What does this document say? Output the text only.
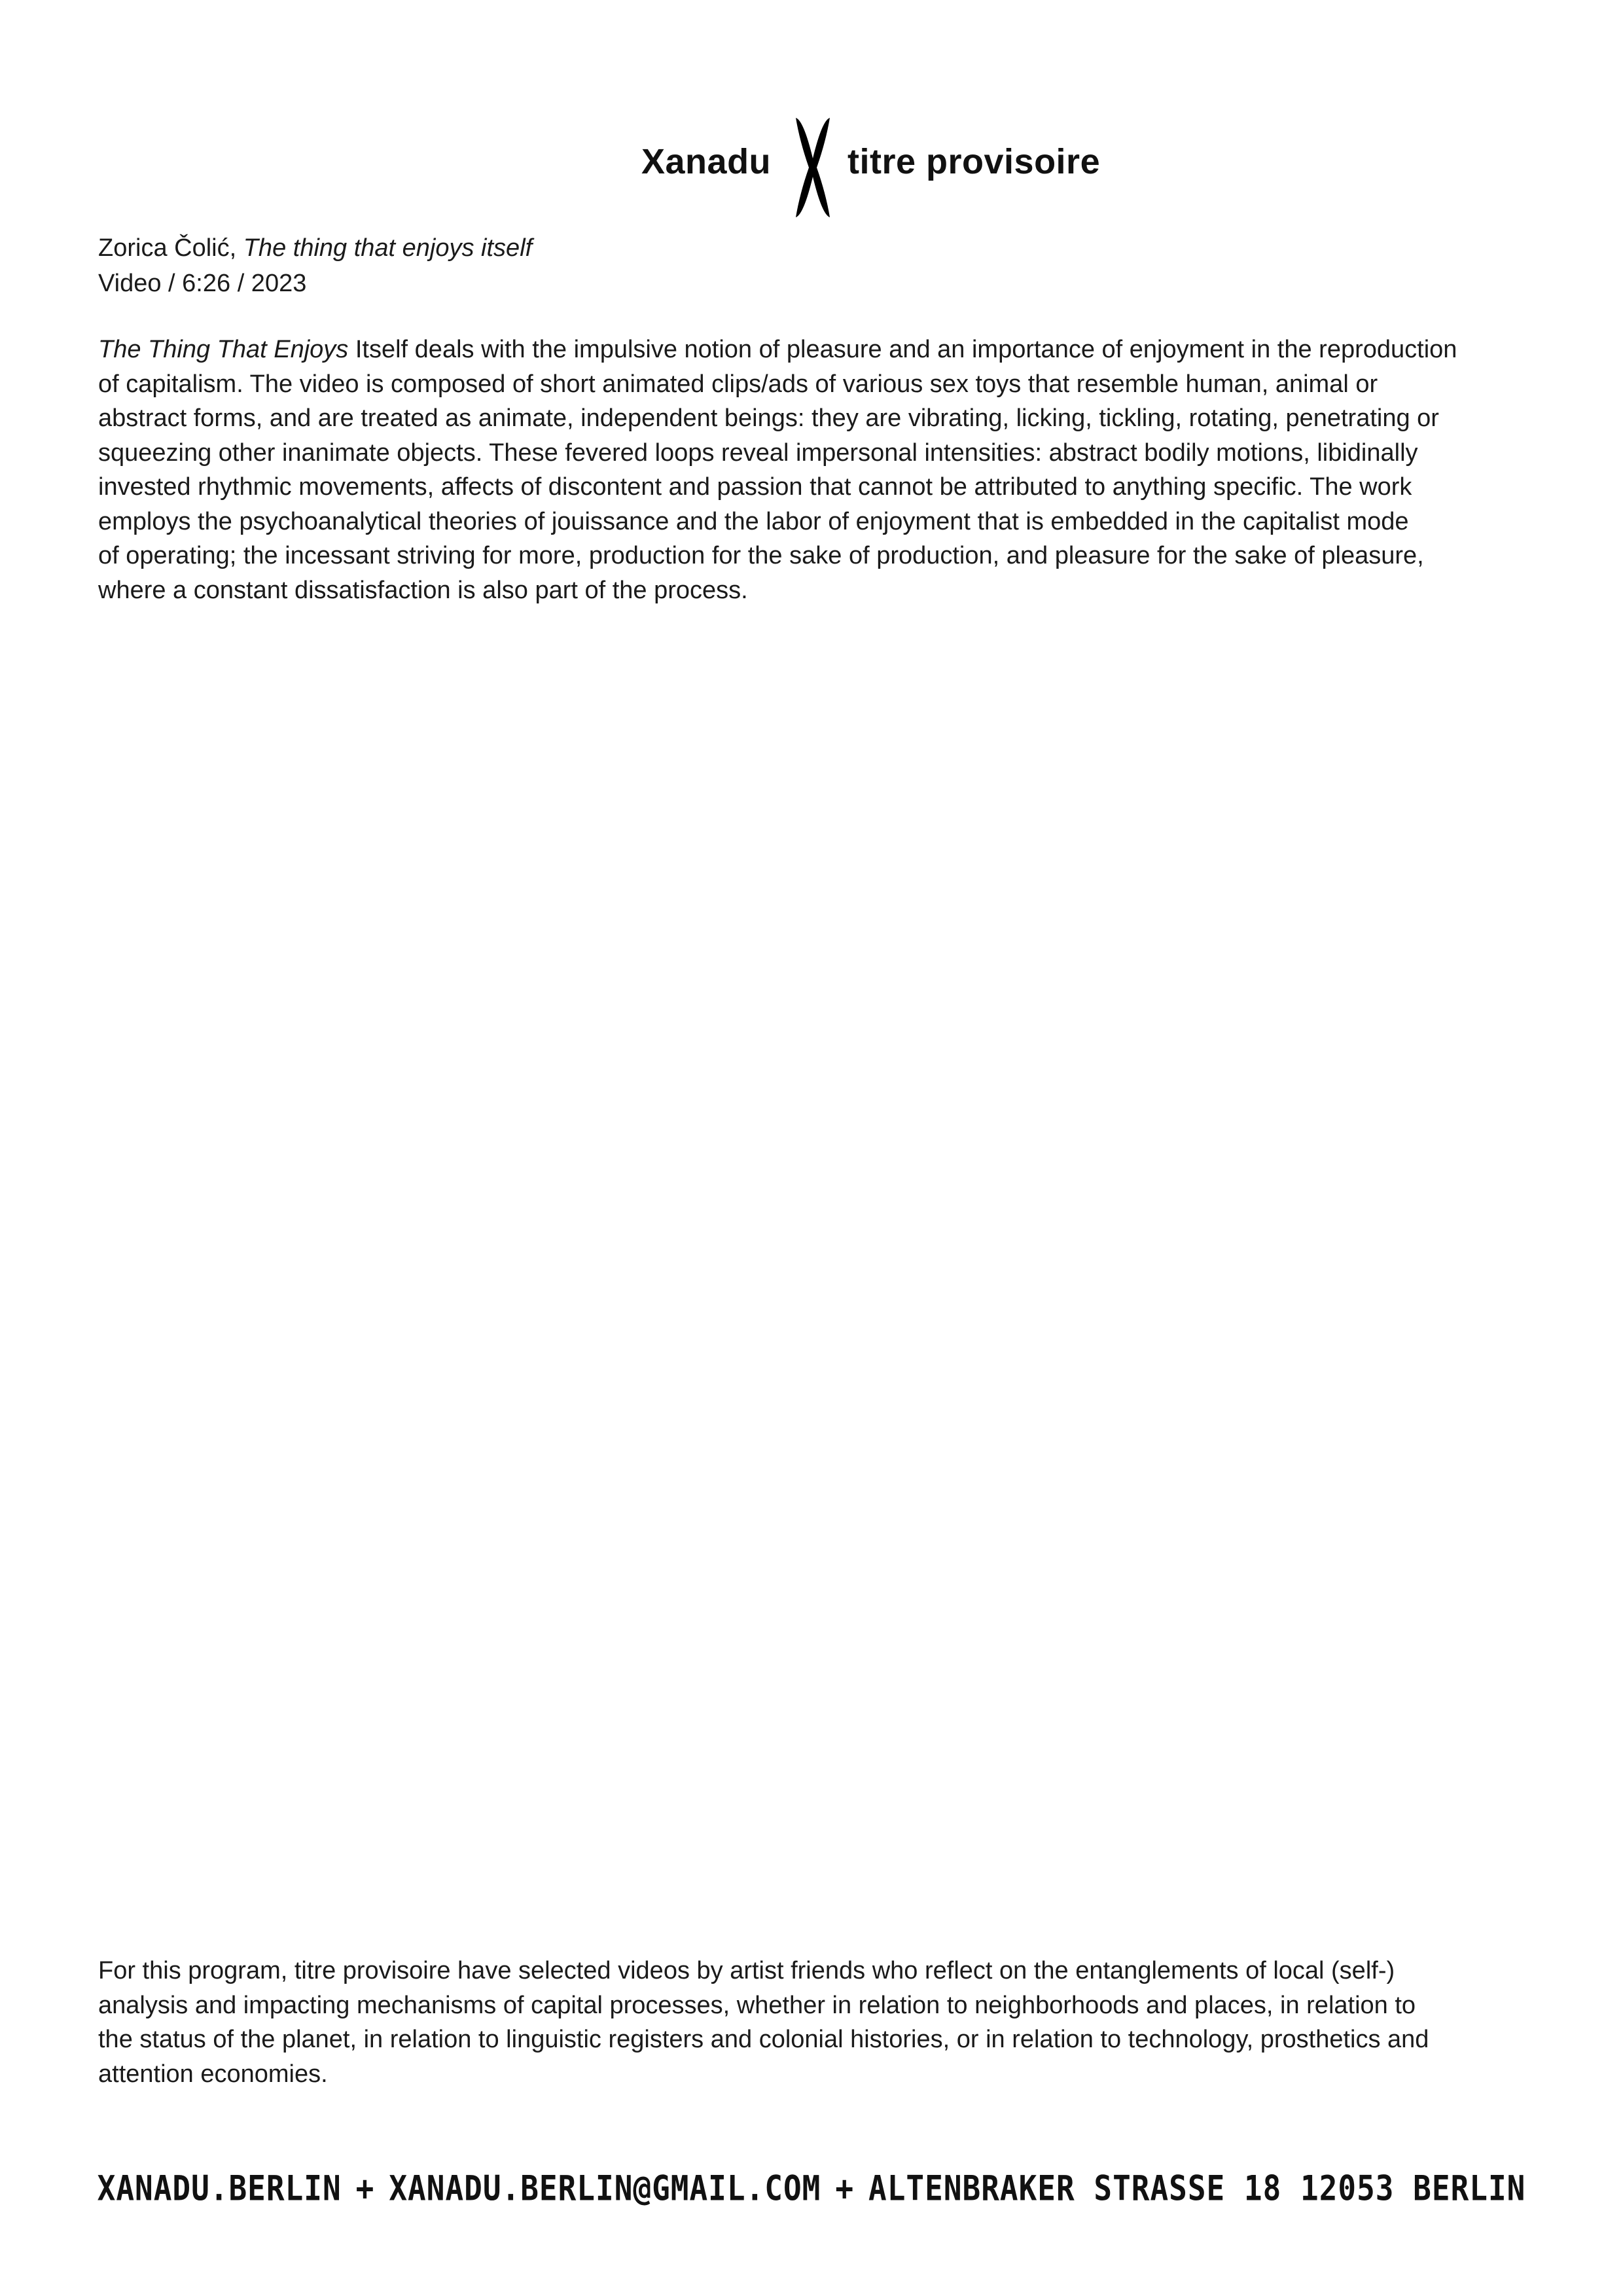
Xanadu titre provisoire
Zorica Čolić, The thing that enjoys itself
Video / 6:26 / 2023

The Thing That Enjoys Itself deals with the impulsive notion of pleasure and an importance of enjoyment in the reproduction
of capitalism. The video is composed of short animated clips/ads of various sex toys that resemble human, animal or
abstract forms, and are treated as animate, independent beings: they are vibrating, licking, tickling, rotating, penetrating or
squeezing other inanimate objects. These fevered loops reveal impersonal intensities: abstract bodily motions, libidinally
invested rhythmic movements, affects of discontent and passion that cannot be attributed to anything specific. The work
employs the psychoanalytical theories of jouissance and the labor of enjoyment that is embedded in the capitalist mode
of operating; the incessant striving for more, production for the sake of production, and pleasure for the sake of pleasure,
where a constant dissatisfaction is also part of the process.

For this program, titre provisoire have selected videos by artist friends who reflect on the entanglements of local (self-)
analysis and impacting mechanisms of capital processes, whether in relation to neighborhoods and places, in relation to
the status of the planet, in relation to linguistic registers and colonial histories, or in relation to technology, prosthetics and
attention economies.

XANADU.BERLIN + XANADU.BERLIN@GMAIL.COM + ALTENBRAKER STRASSE 18 12053 BERLIN
